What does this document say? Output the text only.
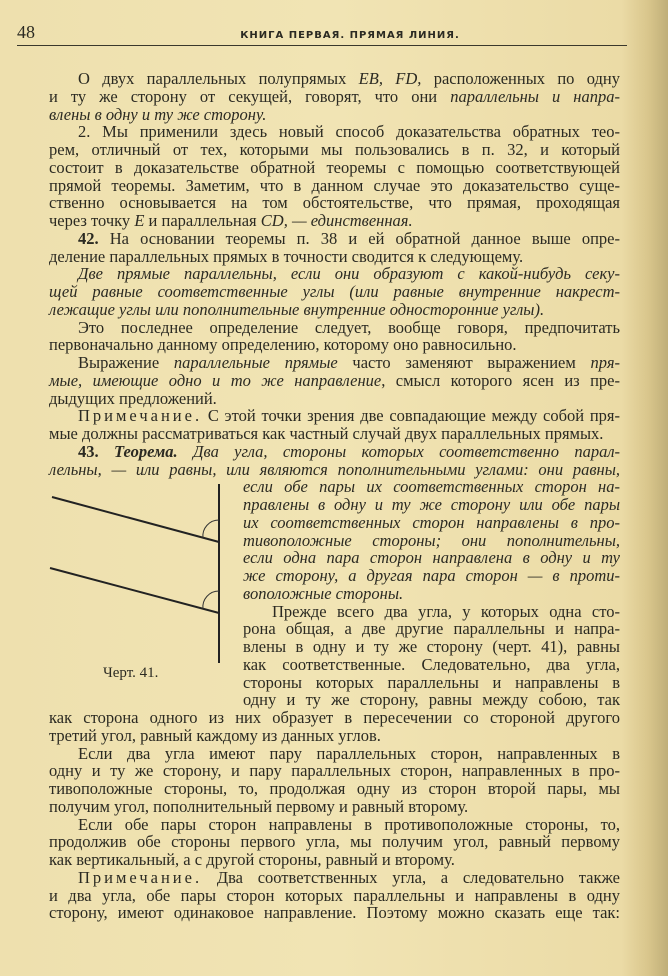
48	КНИГА ПЕРВАЯ. ПРЯМАЯ ЛИНИЯ.
О двух параллельных полупрямых EB, FD, расположенных по одну
и ту же сторону от секущей, говорят, что они параллельны и напра-
влены в одну и ту же сторону.
2. Мы применили здесь новый способ доказательства обратных тео-
рем, отличный от тех, которыми мы пользовались в п. 32, и который
состоит в доказательстве обратной теоремы с помощью соответствующей
прямой теоремы. Заметим, что в данном случае это доказательство суще-
ственно основывается на том обстоятельстве, что прямая, проходящая
через точку E и параллельная CD, — единственная.
42. На основании теоремы п. 38 и ей обратной данное выше опре-
деление параллельных прямых в точности сводится к следующему.
Две прямые параллельны, если они образуют с какой-нибудь секу-
щей равные соответственные углы (или равные внутренние накрест-
лежащие углы или пополнительные внутренние односторонние углы).
Это последнее определение следует, вообще говоря, предпочитать
первоначально данному определению, которому оно равносильно.
Выражение параллельные прямые часто заменяют выражением пря-
мые, имеющие одно и то же направление, смысл которого ясен из пре-
дыдущих предложений.
Примечание. С этой точки зрения две совпадающие между собой пря-
мые должны рассматриваться как частный случай двух параллельных прямых.
43. Теорема. Два угла, стороны которых соответственно парал-
лельны, — или равны, или являются пополнительными углами: они равны,
если обе пары их соответственных сторон на-
правлены в одну и ту же сторону или обе пары
их соответственных сторон направлены в про-
тивоположные стороны; они пополнительны,
если одна пара сторон направлена в одну и ту
же сторону, а другая пара сторон — в проти-
воположные стороны.
Прежде всего два угла, у которых одна сто-
рона общая, а две другие параллельны и напра-
влены в одну и ту же сторону (черт. 41), равны
как соответственные. Следовательно, два угла,
стороны которых параллельны и направлены в
одну и ту же сторону, равны между собою, так
как сторона одного из них образует в пересечении со стороной другого
третий угол, равный каждому из данных углов.
Если два угла имеют пару параллельных сторон, направленных в
одну и ту же сторону, и пару параллельных сторон, направленных в про-
тивоположные стороны, то, продолжая одну из сторон второй пары, мы
получим угол, пополнительный первому и равный второму.
Если обе пары сторон направлены в противоположные стороны, то,
продолжив обе стороны первого угла, мы получим угол, равный первому
как вертикальный, а с другой стороны, равный и второму.
Примечание. Два соответственных угла, а следовательно также
и два угла, обе пары сторон которых параллельны и направлены в одну
сторону, имеют одинаковое направление. Поэтому можно сказать еще так:
Черт. 41.
